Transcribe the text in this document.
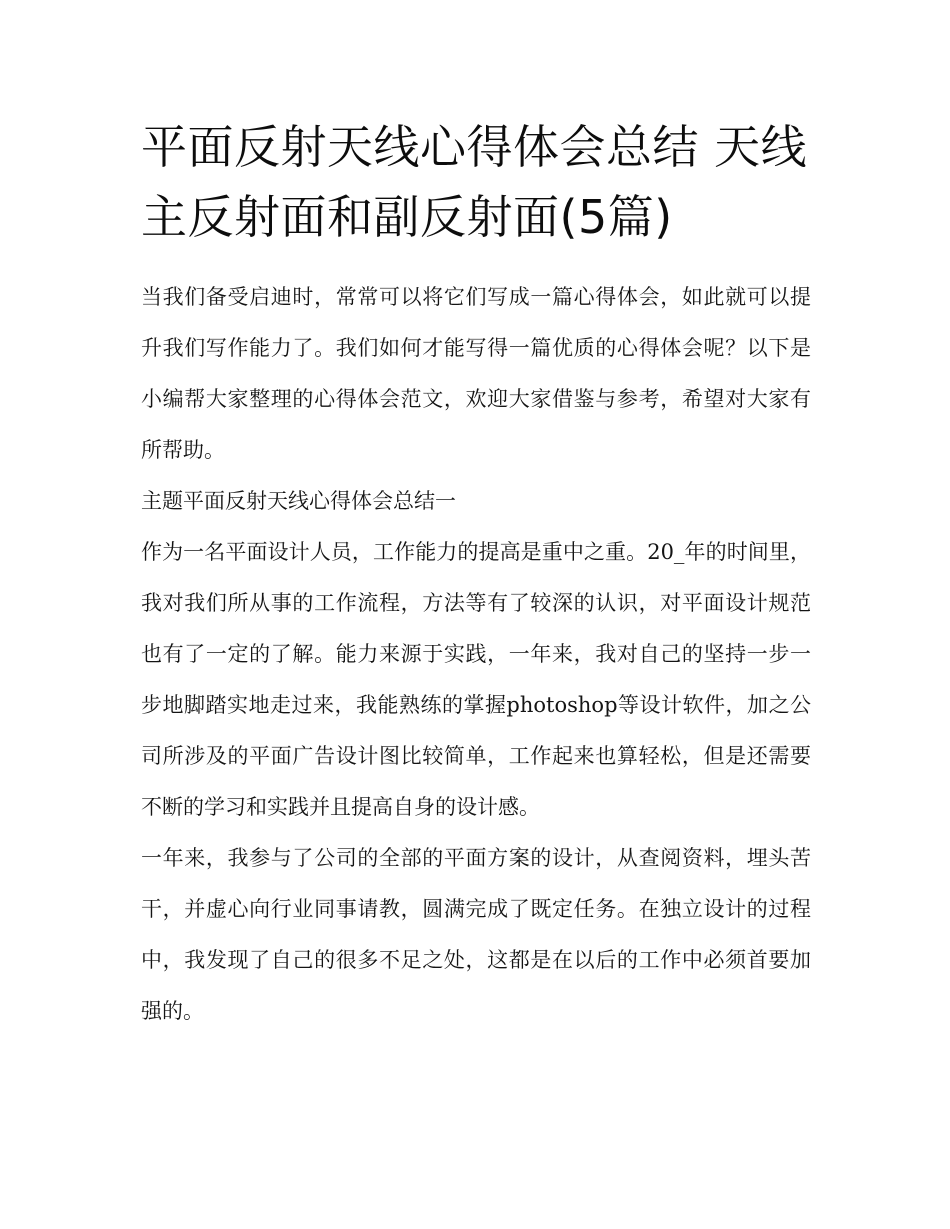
平面反射天线心得体会总结 天线主反射面和副反射面(5篇)

当我们备受启迪时，常常可以将它们写成一篇心得体会，如此就可以提升我们写作能力了。我们如何才能写得一篇优质的心得体会呢？以下是小编帮大家整理的心得体会范文，欢迎大家借鉴与参考，希望对大家有所帮助。

主题平面反射天线心得体会总结一

作为一名平面设计人员，工作能力的提高是重中之重。20_年的时间里，我对我们所从事的工作流程，方法等有了较深的认识，对平面设计规范也有了一定的了解。能力来源于实践，一年来，我对自己的坚持一步一步地脚踏实地走过来，我能熟练的掌握photoshop等设计软件，加之公司所涉及的平面广告设计图比较简单，工作起来也算轻松，但是还需要不断的学习和实践并且提高自身的设计感。

一年来，我参与了公司的全部的平面方案的设计，从查阅资料，埋头苦干，并虚心向行业同事请教，圆满完成了既定任务。在独立设计的过程中，我发现了自己的很多不足之处，这都是在以后的工作中必须首要加强的。
